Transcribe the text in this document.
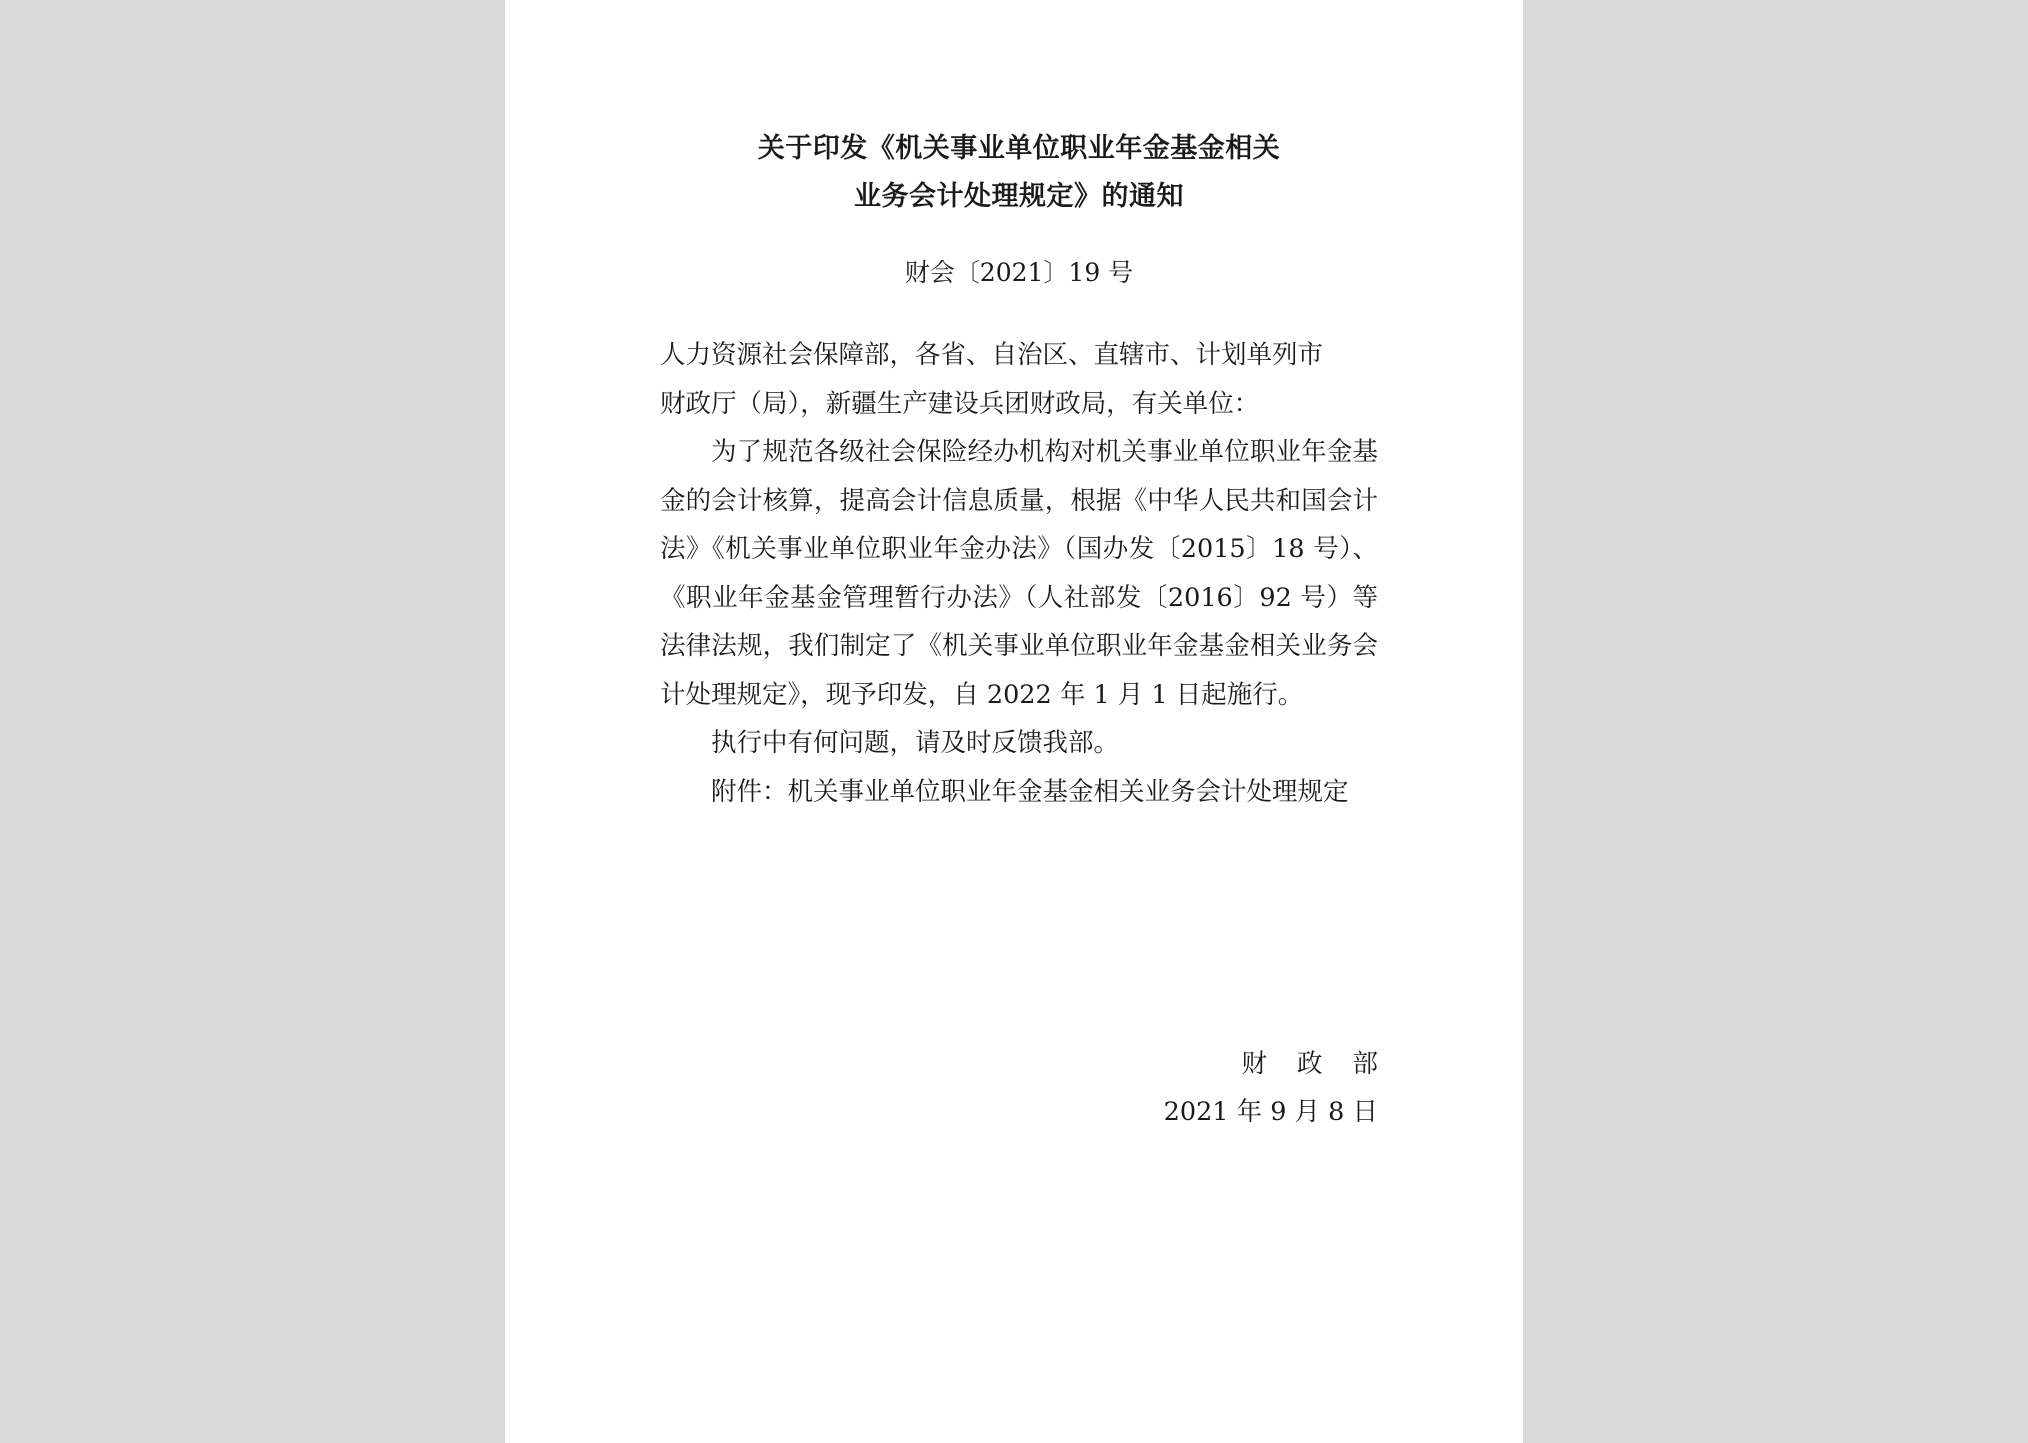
关于印发《机关事业单位职业年金基金相关
业务会计处理规定》的通知
财会〔2021〕19 号

人力资源社会保障部，各省、自治区、直辖市、计划单列市

财政厅（局），新疆生产建设兵团财政局，有关单位：

为了规范各级社会保险经办机构对机关事业单位职业年金基金的会计核算，提高会计信息质量，根据《中华人民共和国会计法》《机关事业单位职业年金办法》（国办发〔2015〕18 号）、《职业年金基金管理暂行办法》（人社部发〔2016〕92 号）等法律法规，我们制定了《机关事业单位职业年金基金相关业务会计处理规定》，现予印发，自 2022 年 1 月 1 日起施行。

执行中有何问题，请及时反馈我部。

附件：机关事业单位职业年金基金相关业务会计处理规定

财政部
2021 年 9 月 8 日
